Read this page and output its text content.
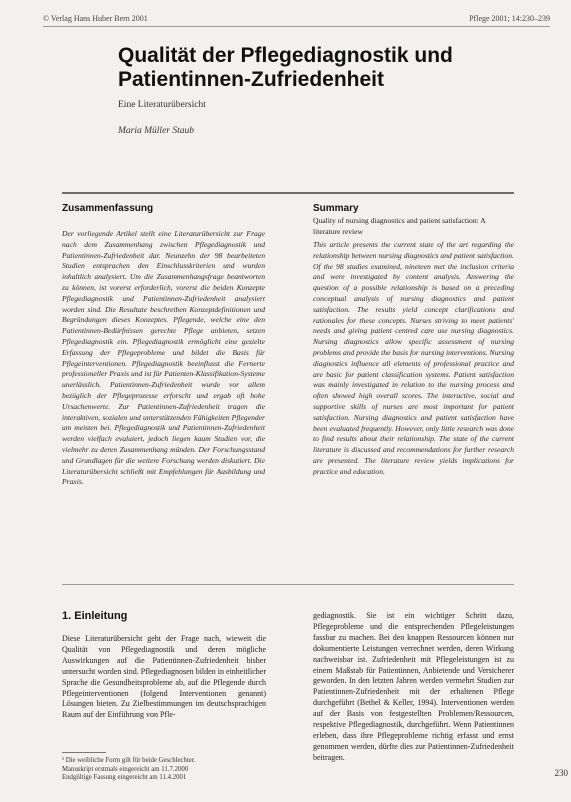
© Verlag Hans Huber Bern 2001	Pflege 2001; 14:230–239
Qualität der Pflegediagnostik und Patientinnen-Zufriedenheit
Eine Literaturübersicht
Maria Müller Staub
Zusammenfassung

Der vorliegende Artikel stellt eine Literaturübersicht zur Frage nach dem Zusammenhang zwischen Pflegediagnostik und Patientinnen-Zufriedenheit dar. Neunzehn der 98 bearbeiteten Studien entsprachen den Einschlusskriterien und wurden inhaltlich analysiert. Um die Zusammenhangsfrage beantworten zu können, ist vorerst erforderlich, vorerst die beiden Konzepte Pflegediagnostik und Patientinnen-Zufriedenheit analysiert worden sind. Die Resultate beschreiben Konzeptdefinitionen und Begründungen dieses Konzeptes. Pflegende, welche eine den Patientinnen-Bedürfnissen gerechte Pflege anbieten, setzen Pflegediagnostik ein. Pflegediagnostik ermöglicht eine gezielte Erfassung der Pflegeprobleme und bildet die Basis für Pflegeinterventionen. Pflegediagnostik beeinflusst die Fernerte professioneller Praxis und ist für Patienten-Klassifikation-Systeme unerlässlich. Patientinnen-Zufriedenheit wurde vor allem bezüglich der Pflegeprozesse erforscht und ergab oft hohe Ursachenwerte. Zur Patientinnen-Zufriedenheit tragen die interaktiven, sozialen und unterstützenden Fähigkeiten Pflegender am meisten bei. Pflegediagnostik und Patientinnen-Zufriedenheit werden vielfach evaluiert, jedoch liegen kaum Studien vor, die vielmehr zu deren Zusammenhang münden. Der Forschungsstand und Grundlagen für die weitere Forschung werden diskutiert. Die Literaturübersicht schließt mit Empfehlungen für Ausbildung und Praxis.

Summary

Quality of nursing diagnostics and patient satisfaction: A literature review

This article presents the current state of the art regarding the relationship between nursing diagnostics and patient satisfaction. Of the 98 studies examined, nineteen met the inclusion criteria and were investigated by content analysis. Answering the question of a possible relationship is based on a preceding conceptual analysis of nursing diagnostics and patient satisfaction. The results yield concept clarifications and rationales for these concepts. Nurses striving to meet patients' needs and giving patient centred care use nursing diagnostics. Nursing diagnostics allow specific assessment of nursing problems and provide the basis for nursing interventions. Nursing diagnostics influence all elements of professional practice and are basic for patient classification systems. Patient satisfaction was mainly investigated in relation to the nursing process and often showed high overall scores. The interactive, social and supportive skills of nurses are most important for patient satisfaction. Nursing diagnostics and patient satisfaction have been evaluated frequently. However, only little research was done to find results about their relationship. The state of the current literature is discussed and recommendations for further research are presented. The literature review yields implications for practice and education.

1. Einleitung

Diese Literaturübersicht geht der Frage nach, wieweit die Qualität von Pflegediagnostik und deren mögliche Auswirkungen auf die Patientinnen-Zufriedenheit bisher untersucht worden sind. Pflegediagnosen bilden in einheitlicher Sprache die Gesundheitsprobleme ab, auf die Pflegende durch Pflegeinterventionen (folgend Interventionen genannt) Lösungen bieten. Zu Zielbestimmungen im deutschsprachigen Raum auf der Einführung von Pfle-

gediagnostik. Sie ist ein wichtiger Schritt dazu, Pflegeprobleme und die entsprechenden Pflegeleistungen fassbar zu machen. Bei den knappen Ressourcen können nur dokumentierte Leistungen verrechnet werden, deren Wirkung nachweisbar ist. Zufriedenheit mit Pflegeleistungen ist zu einem Maßstab für Patientinnen, Anbietende und Versicherer geworden. In den letzten Jahren werden vermehrt Studien zur Patientinnen-Zufriedenheit mit der erhaltenen Pflege durchgeführt (Bethel & Keller, 1994). Interventionen werden auf der Basis von festgestellten Problemen/Ressourcen, respektive Pflegediagnostik, durchgeführt. Wenn Patientinnen erleben, dass ihre Pflegeprobleme richtig erfasst und ernst genommen werden, dürfte dies zur Patientinnen-Zufriedenheit beitragen.

¹ Die weibliche Form gilt für beide Geschlechter.
Manuskript erstmals eingereicht am 11.7.2000
Endgültige Fassung eingereicht am 11.4.2001	230
